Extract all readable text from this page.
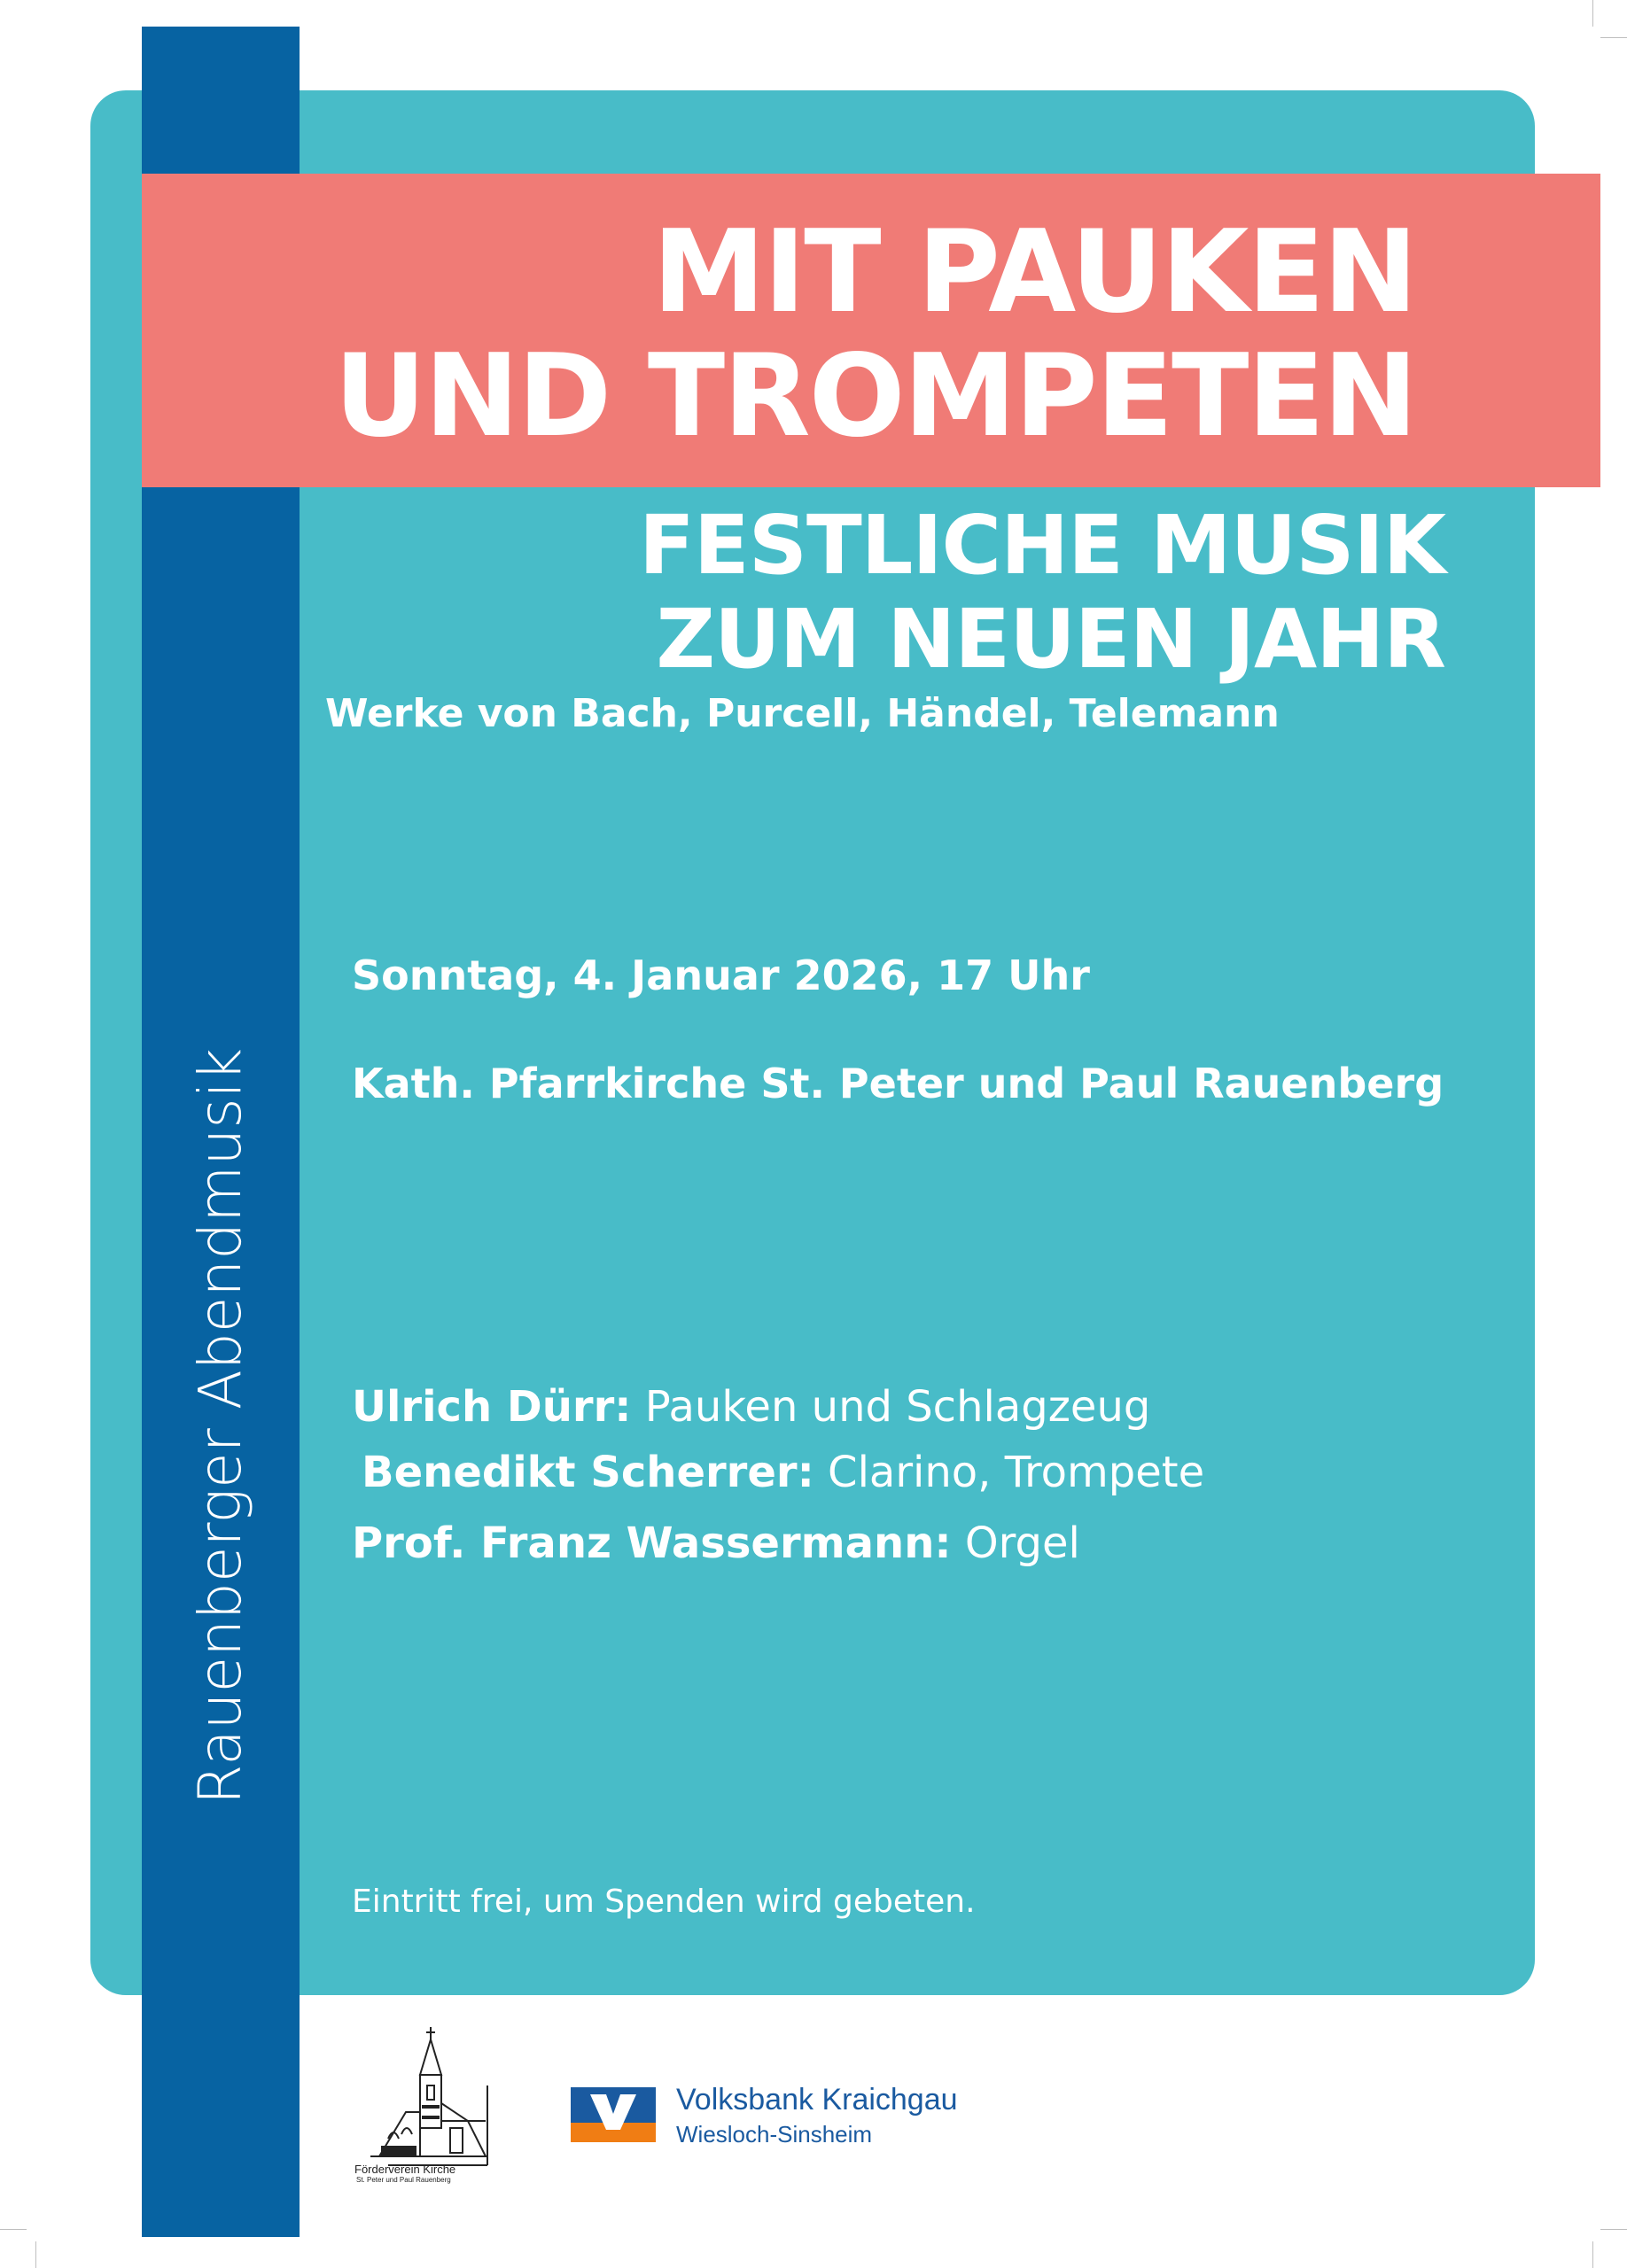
Rauenberger Abendmusik
MIT PAUKEN
UND TROMPETEN
FESTLICHE MUSIK
ZUM NEUEN JAHR
Werke von Bach, Purcell, Händel, Telemann
Sonntag, 4. Januar 2026, 17 Uhr
Kath. Pfarrkirche St. Peter und Paul Rauenberg
Ulrich Dürr: Pauken und Schlagzeug
Benedikt Scherrer: Clarino, Trompete
Prof. Franz Wassermann: Orgel
Eintritt frei, um Spenden wird gebeten.
Förderverein Kirche
St. Peter und Paul Rauenberg
Volksbank Kraichgau
Wiesloch-Sinsheim
